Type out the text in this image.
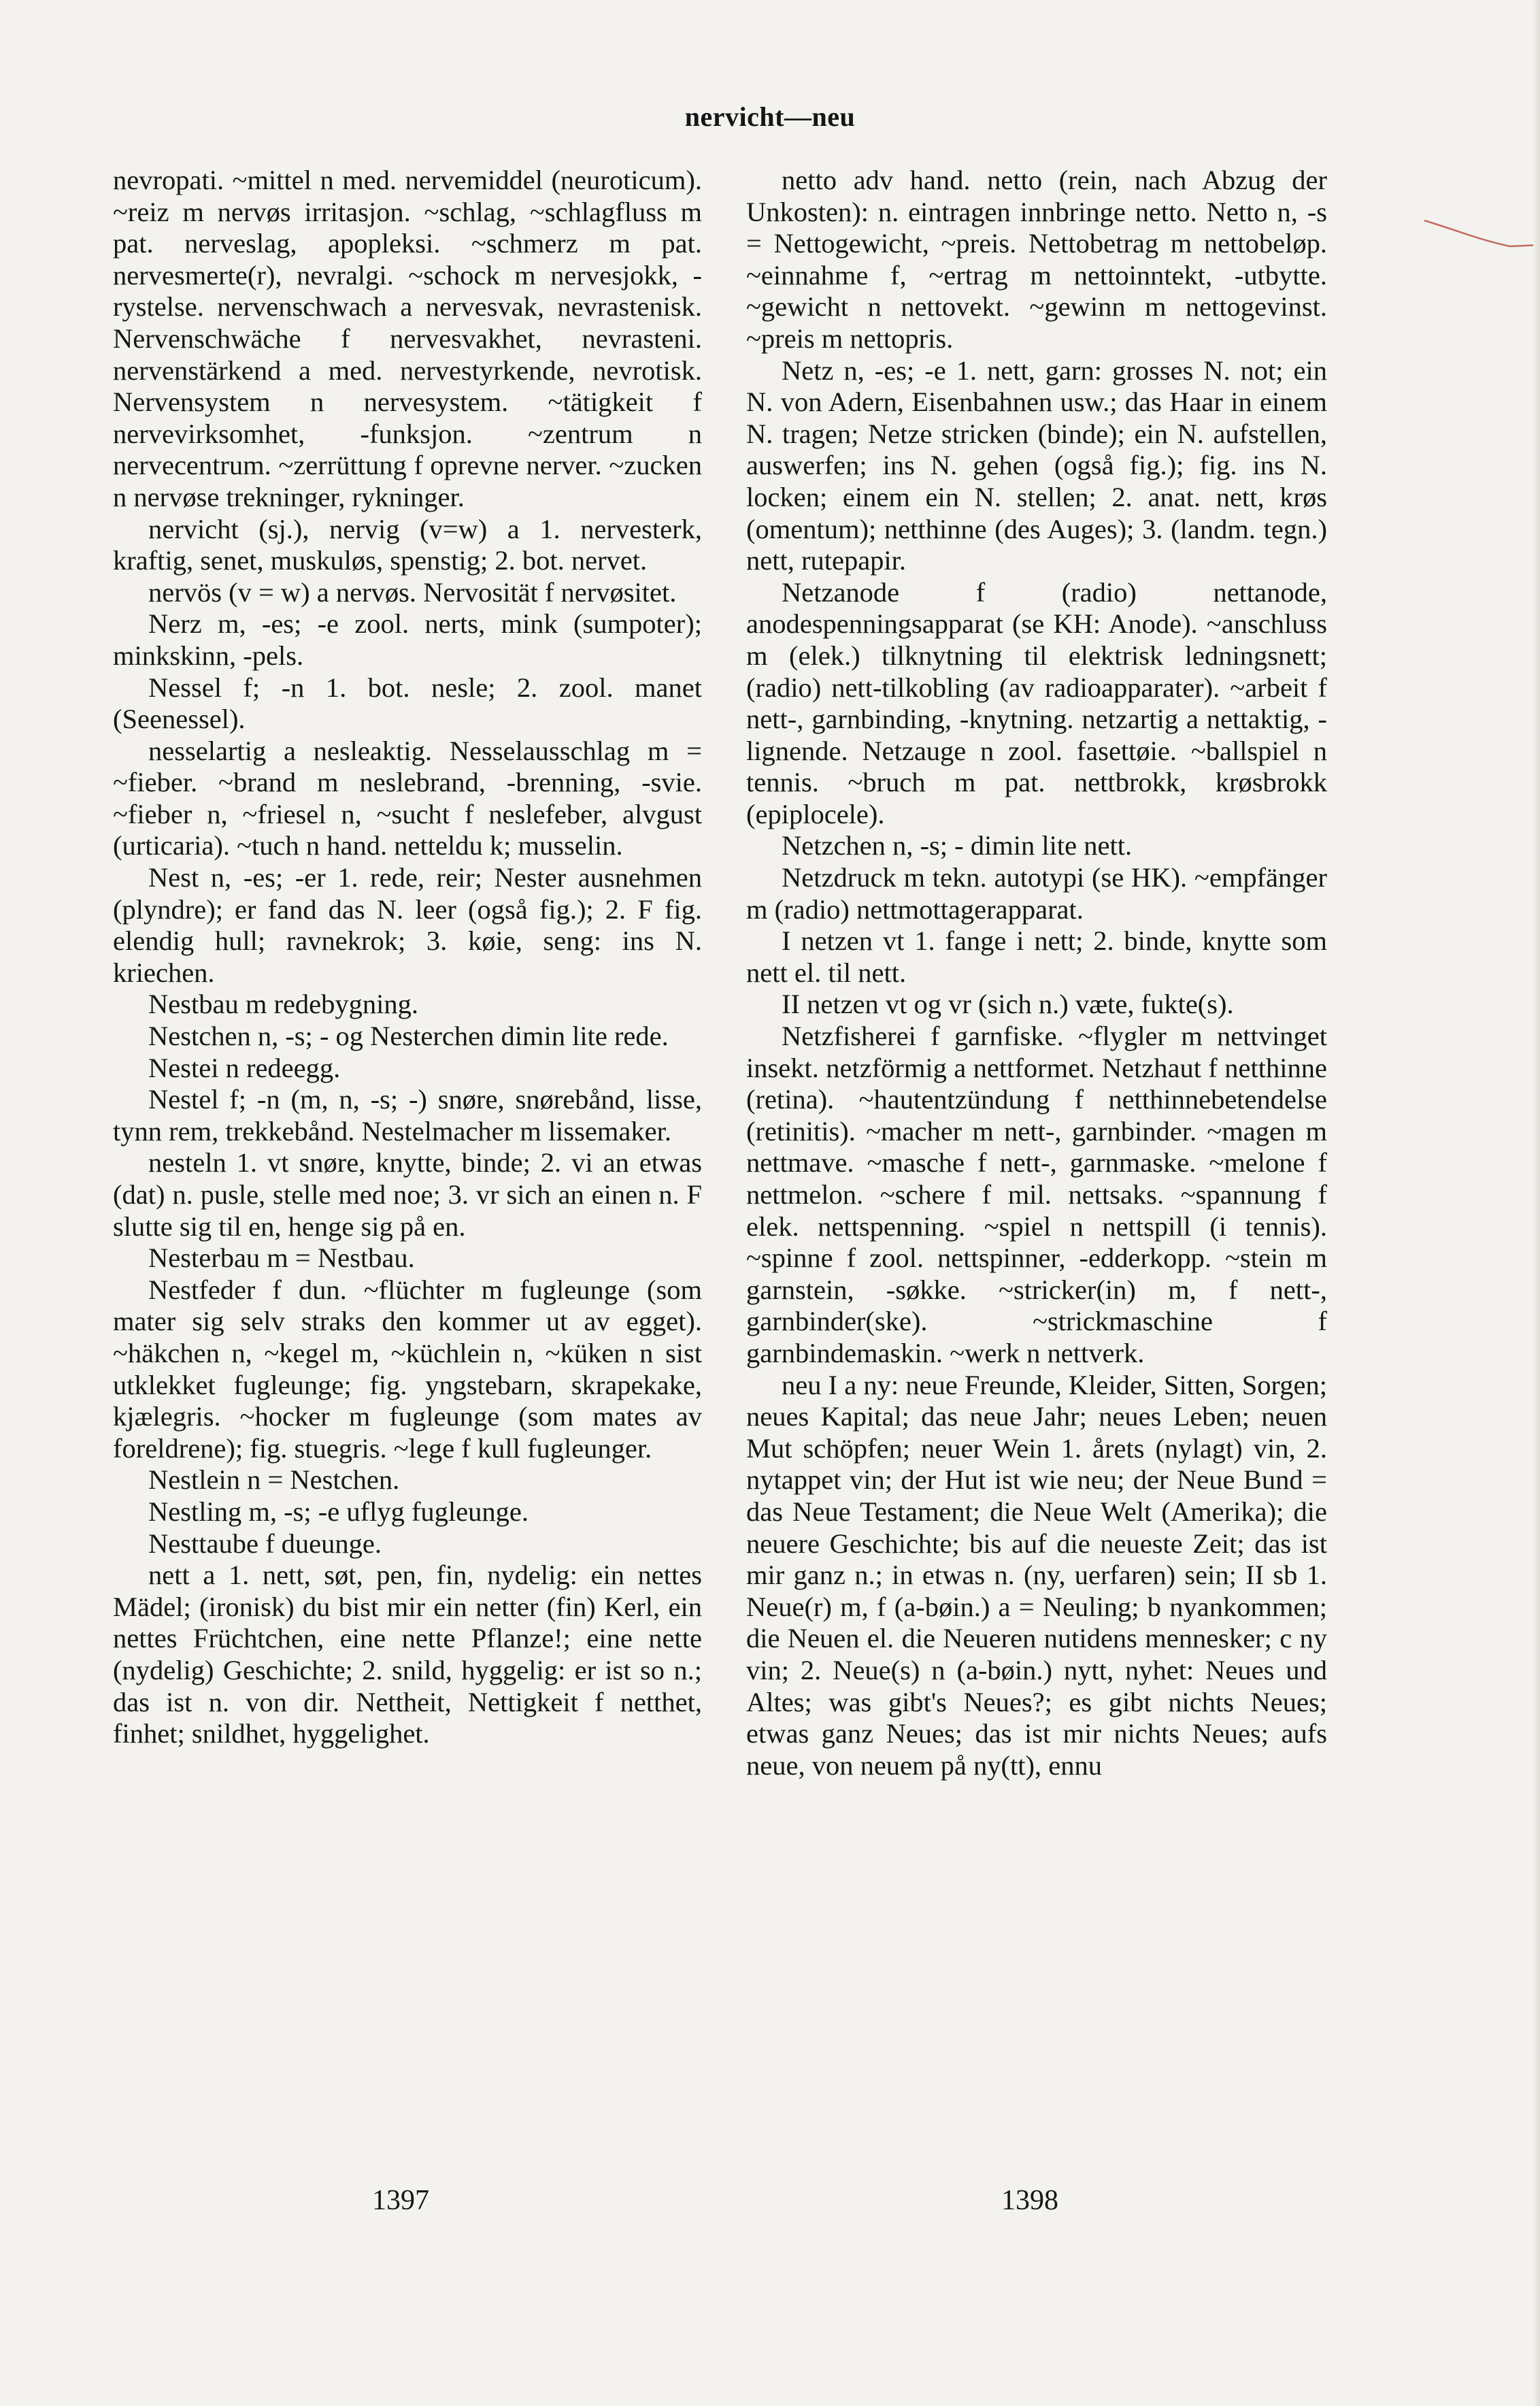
nervicht—neu

nevropati. ~mittel n med. nervemiddel (neuroticum). ~reiz m nervøs irritasjon. ~schlag, ~schlagfluss m pat. nerveslag, apopleksi. ~schmerz m pat. nervesmerte(r), nevralgi. ~schock m nervesjokk, -rystelse. nervenschwach a nervesvak, nevrastenisk. Nervenschwäche f nervesvakhet, nevrasteni. nervenstärkend a med. nervestyrkende, nevrotisk. Nervensystem n nervesystem. ~tätigkeit f nervevirksomhet, -funksjon. ~zentrum n nervecentrum. ~zerrüttung f oprevne nerver. ~zucken n nervøse trekninger, rykninger.

nervicht (sj.), nervig (v=w) a 1. nervesterk, kraftig, senet, muskuløs, spenstig; 2. bot. nervet.

nervös (v = w) a nervøs. Nervosität f nervøsitet.

Nerz m, -es; -e zool. nerts, mink (sumpoter); minkskinn, -pels.

Nessel f; -n 1. bot. nesle; 2. zool. manet (Seenessel).

nesselartig a nesleaktig. Nesselausschlag m = ~fieber. ~brand m neslebrand, -brenning, -svie. ~fieber n, ~friesel n, ~sucht f neslefeber, alvgust (urticaria). ~tuch n hand. netteldu k; musselin.

Nest n, -es; -er 1. rede, reir; Nester ausnehmen (plyndre); er fand das N. leer (også fig.); 2. F fig. elendig hull; ravnekrok; 3. køie, seng: ins N. kriechen.

Nestbau m redebygning.

Nestchen n, -s; - og Nesterchen dimin lite rede.

Nestei n redeegg.

Nestel f; -n (m, n, -s; -) snøre, snørebånd, lisse, tynn rem, trekkebånd. Nestelmacher m lissemaker.

nesteln 1. vt snøre, knytte, binde; 2. vi an etwas (dat) n. pusle, stelle med noe; 3. vr sich an einen n. F slutte sig til en, henge sig på en.

Nesterbau m = Nestbau.

Nestfeder f dun. ~flüchter m fugleunge (som mater sig selv straks den kommer ut av egget). ~häkchen n, ~kegel m, ~küchlein n, ~küken n sist utklekket fugleunge; fig. yngstebarn, skrapekake, kjælegris. ~hocker m fugleunge (som mates av foreldrene); fig. stuegris. ~lege f kull fugleunger.

Nestlein n = Nestchen.

Nestling m, -s; -e uflyg fugleunge.

Nesttaube f dueunge.

nett a 1. nett, søt, pen, fin, nydelig: ein nettes Mädel; (ironisk) du bist mir ein netter (fin) Kerl, ein nettes Früchtchen, eine nette Pflanze!; eine nette (nydelig) Geschichte; 2. snild, hyggelig: er ist so n.; das ist n. von dir. Nettheit, Nettigkeit f netthet, finhet; snildhet, hyggelighet.

netto adv hand. netto (rein, nach Abzug der Unkosten): n. eintragen innbringe netto. Netto n, -s = Nettogewicht, ~preis. Nettobetrag m nettobeløp. ~einnahme f, ~ertrag m nettoinntekt, -utbytte. ~gewicht n nettovekt. ~gewinn m nettogevinst. ~preis m nettopris.

Netz n, -es; -e 1. nett, garn: grosses N. not; ein N. von Adern, Eisenbahnen usw.; das Haar in einem N. tragen; Netze stricken (binde); ein N. aufstellen, auswerfen; ins N. gehen (også fig.); fig. ins N. locken; einem ein N. stellen; 2. anat. nett, krøs (omentum); netthinne (des Auges); 3. (landm. tegn.) nett, rutepapir.

Netzanode f (radio) nettanode, anodespenningsapparat (se KH: Anode). ~anschluss m (elek.) tilknytning til elektrisk ledningsnett; (radio) nett-tilkobling (av radioapparater). ~arbeit f nett-, garnbinding, -knytning. netzartig a nettaktig, -lignende. Netzauge n zool. fasettøie. ~ballspiel n tennis. ~bruch m pat. nettbrokk, krøsbrokk (epiplocele).

Netzchen n, -s; - dimin lite nett.

Netzdruck m tekn. autotypi (se HK). ~empfänger m (radio) nettmottagerapparat.

I netzen vt 1. fange i nett; 2. binde, knytte som nett el. til nett.

II netzen vt og vr (sich n.) væte, fukte(s).

Netzfisherei f garnfiske. ~flygler m nettvinget insekt. netzförmig a nettformet. Netzhaut f netthinne (retina). ~hautentzündung f netthinnebetendelse (retinitis). ~macher m nett-, garnbinder. ~magen m nettmave. ~masche f nett-, garnmaske. ~melone f nettmelon. ~schere f mil. nettsaks. ~spannung f elek. nettspenning. ~spiel n nettspill (i tennis). ~spinne f zool. nettspinner, -edderkopp. ~stein m garnstein, -søkke. ~stricker(in) m, f nett-, garnbinder(ske). ~strickmaschine f garnbindemaskin. ~werk n nettverk.

neu I a ny: neue Freunde, Kleider, Sitten, Sorgen; neues Kapital; das neue Jahr; neues Leben; neuen Mut schöpfen; neuer Wein 1. årets (nylagt) vin, 2. nytappet vin; der Hut ist wie neu; der Neue Bund = das Neue Testament; die Neue Welt (Amerika); die neuere Geschichte; bis auf die neueste Zeit; das ist mir ganz n.; in etwas n. (ny, uerfaren) sein; II sb 1. Neue(r) m, f (a-bøin.) a = Neuling; b nyankommen; die Neuen el. die Neueren nutidens mennesker; c ny vin; 2. Neue(s) n (a-bøin.) nytt, nyhet: Neues und Altes; was gibt's Neues?; es gibt nichts Neues; etwas ganz Neues; das ist mir nichts Neues; aufs neue, von neuem på ny(tt), ennu

1397	1398
